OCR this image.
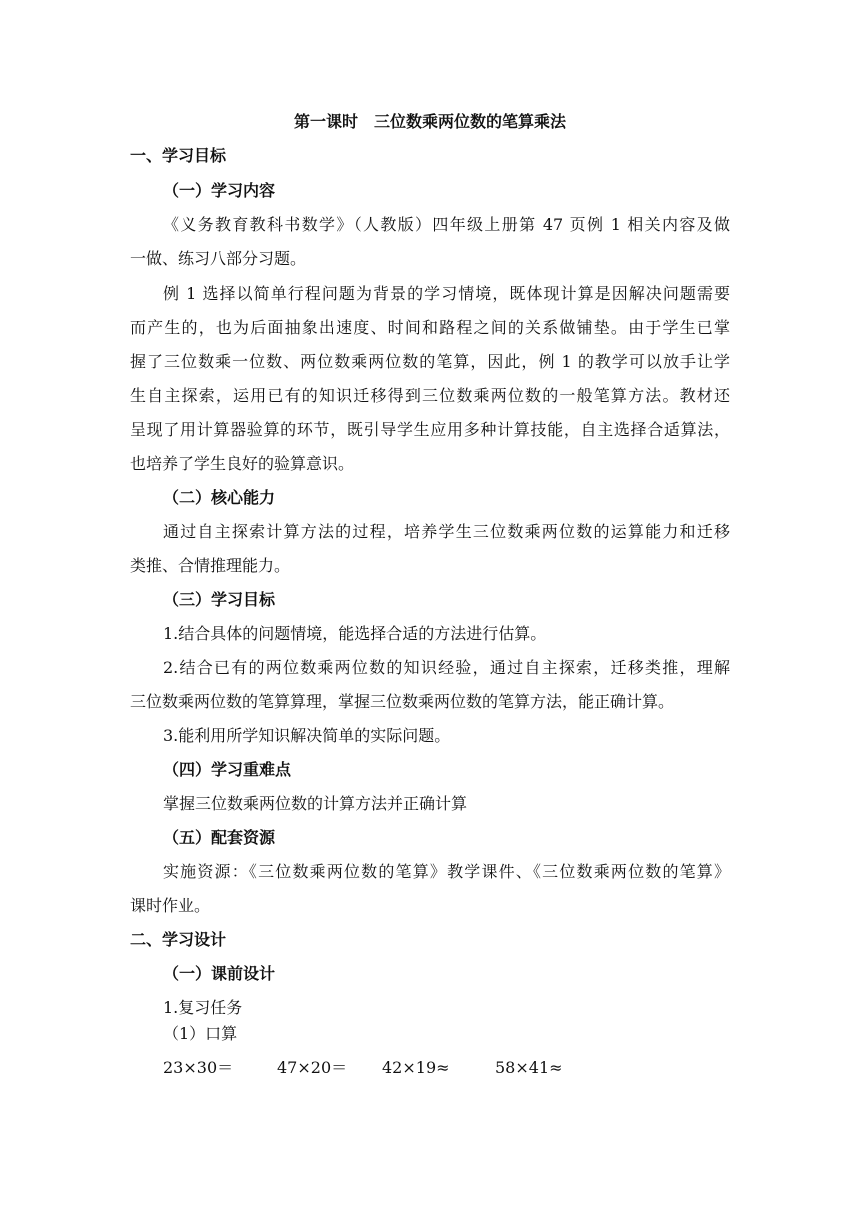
第一课时　三位数乘两位数的笔算乘法
一、学习目标
（一）学习内容
《义务教育教科书数学》（人教版）四年级上册第 47 页例 1 相关内容及做
一做、练习八部分习题。
例 1 选择以简单行程问题为背景的学习情境，既体现计算是因解决问题需要
而产生的，也为后面抽象出速度、时间和路程之间的关系做铺垫。由于学生已掌
握了三位数乘一位数、两位数乘两位数的笔算，因此，例 1 的教学可以放手让学
生自主探索，运用已有的知识迁移得到三位数乘两位数的一般笔算方法。教材还
呈现了用计算器验算的环节，既引导学生应用多种计算技能，自主选择合适算法，
也培养了学生良好的验算意识。
（二）核心能力
通过自主探索计算方法的过程，培养学生三位数乘两位数的运算能力和迁移
类推、合情推理能力。
（三）学习目标
1.结合具体的问题情境，能选择合适的方法进行估算。
2.结合已有的两位数乘两位数的知识经验，通过自主探索，迁移类推，理解
三位数乘两位数的笔算算理，掌握三位数乘两位数的笔算方法，能正确计算。
3.能利用所学知识解决简单的实际问题。
（四）学习重难点
掌握三位数乘两位数的计算方法并正确计算
（五）配套资源
实施资源：《三位数乘两位数的笔算》教学课件、《三位数乘两位数的笔算》
课时作业。
二、学习设计
（一）课前设计
1.复习任务
（1）口算
23×30＝	47×20＝ 42×19≈	58×41≈
